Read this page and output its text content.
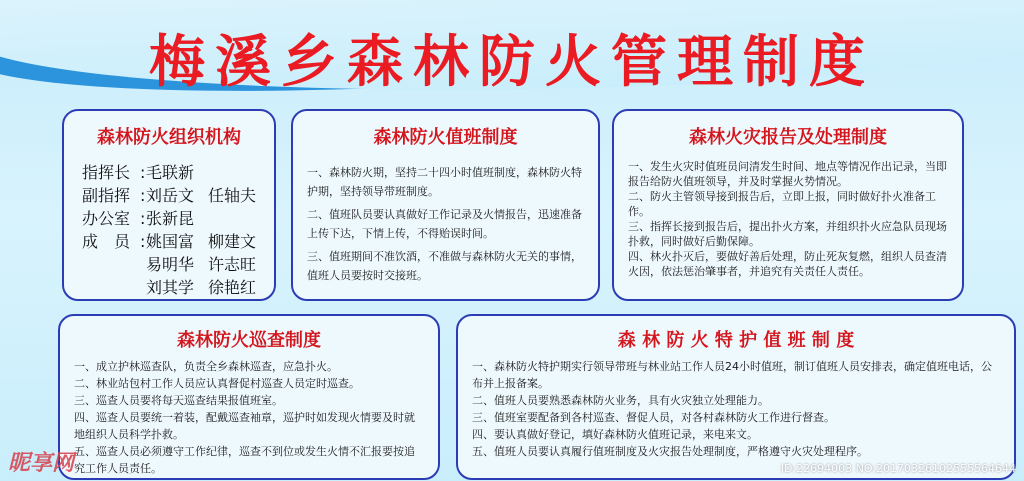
梅溪乡森林防火管理制度
森林防火组织机构
指挥长 : 毛联新
副指挥 : 刘岳文 任轴夫
办公室 : 张新昆
成　员 : 姚国富 柳建文
易明华 许志旺
刘其学 徐艳红
森林防火值班制度
一、森林防火期，坚持二十四小时值班制度，森林防火特护期，坚持领导带班制度。
二、值班队员要认真做好工作记录及火情报告，迅速准备上传下达，下情上传，不得贻误时间。
三、值班期间不准饮酒，不准做与森林防火无关的事情，值班人员要按时交接班。
森林火灾报告及处理制度
一、发生火灾时值班员问清发生时间、地点等情况作出记录，当即报告给防火值班领导，并及时掌握火势情况。
二、防火主管领导接到报告后，立即上报，同时做好扑火准备工作。
三、指挥长接到报告后，提出扑火方案，并组织扑火应急队员现场扑救，同时做好后勤保障。
四、林火扑灭后，要做好善后处理，防止死灰复燃，组织人员查清火因，依法惩治肇事者，并追究有关责任人责任。
森林防火巡查制度
一、成立护林巡查队，负责全乡森林巡查，应急扑火。
二、林业站包村工作人员应认真督促村巡查人员定时巡查。
三、巡查人员要将每天巡查结果报值班室。
四、巡查人员要统一着装，配戴巡查袖章，巡护时如发现火情要及时就地组织人员科学扑救。
五、巡查人员必须遵守工作纪律，巡查不到位或发生火情不汇报要按追究工作人员责任。
森 林 防 火 特 护 值 班 制 度
一、森林防火特护期实行领导带班与林业站工作人员24小时值班，制订值班人员安排表，确定值班电话，公布并上报备案。
二、值班人员要熟悉森林防火业务，具有火灾独立处理能力。
三、值班室要配备到各村巡查、督促人员，对各村森林防火工作进行督查。
四、要认真做好登记，填好森林防火值班记录，来电来文。
五、值班人员要认真履行值班制度及火灾报告处理制度，严格遵守火灾处理程序。
昵享网	ID:22694003 NO:20170326102555564644
